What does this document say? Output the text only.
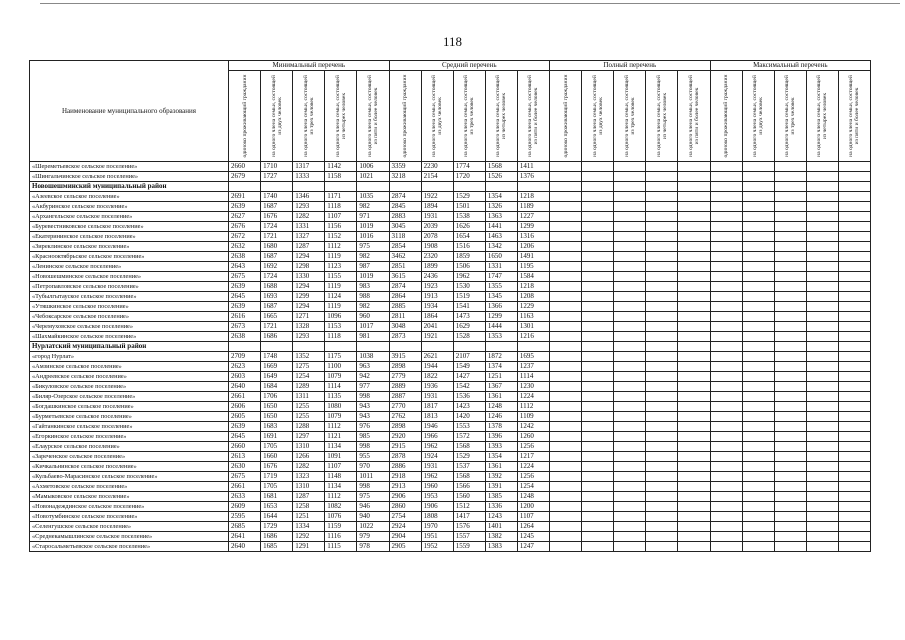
118
Наименование муниципального образования	Минимальный перечень					Средний перечень					Полный перечень					Максимальный перечень				

	одиноко проживающий гражданин	на одного члена семьи, состоящей из двух человек	на одного члена семьи, состоящей из трех человек	на одного члена семьи, состоящей из четырех человек	на одного члена семьи, состоящей из пяти и более человек	одиноко проживающий гражданин	на одного члена семьи, состоящей из двух человек	на одного члена семьи, состоящей из трех человек	на одного члена семьи, состоящей из четырех человек	на одного члена семьи, состоящей из пяти и более человек	одиноко проживающий гражданин	на одного члена семьи, состоящей из двух человек	на одного члена семьи, состоящей из трех человек	на одного члена семьи, состоящей из четырех человек	на одного члена семьи, состоящей из пяти и более человек	одиноко проживающий гражданин	на одного члена семьи, состоящей из двух человек	на одного члена семьи, состоящей из трех человек	на одного члена семьи, состоящей из четырех человек	на одного члена семьи, состоящей из пяти и более человек

«Шереметьевское сельское поселение»	2660	1710	1317	1142	1006	3359	2230	1774	1568	1411										
«Шингальчинское сельское поселение»	2679	1727	1333	1158	1021	3218	2154	1720	1526	1376										
Новошешминский муниципальный район																				
«Азеевское сельское поселение»	2691	1740	1346	1171	1035	2874	1922	1529	1354	1218										
«Акбуринское сельское поселение»	2639	1687	1293	1118	982	2845	1894	1501	1326	1189										
«Архангельское сельское поселение»	2627	1676	1282	1107	971	2883	1931	1538	1363	1227										
«Буревестниковское сельское поселение»	2676	1724	1331	1156	1019	3045	2039	1626	1441	1299										
«Екатерининское сельское поселение»	2672	1721	1327	1152	1016	3118	2078	1654	1463	1316										
«Зиреклинское сельское поселение»	2632	1680	1287	1112	975	2854	1908	1516	1342	1206										
«Краснооктябрьское сельское поселение»	2638	1687	1294	1119	982	3462	2320	1859	1650	1491										
«Ленинское сельское поселение»	2643	1692	1298	1123	987	2851	1899	1506	1331	1195										
«Новошешминское сельское поселение»	2675	1724	1330	1155	1019	3615	2436	1962	1747	1584										
«Петропавловское сельское поселение»	2639	1688	1294	1119	983	2874	1923	1530	1355	1218										
«Тубылгытауское сельское поселение»	2645	1693	1299	1124	988	2864	1913	1519	1345	1208										
«Утяшкинское сельское поселение»	2639	1687	1294	1119	982	2885	1934	1541	1366	1229										
«Чебоксарское сельское поселение»	2616	1665	1271	1096	960	2811	1864	1473	1299	1163										
«Черемуховское сельское поселение»	2673	1721	1328	1153	1017	3048	2041	1629	1444	1301										
«Шахмайкинское сельское поселение»	2638	1686	1293	1118	981	2873	1921	1528	1353	1216										
Нурлатский муниципальный район																				
«город Нурлат»	2709	1748	1352	1175	1038	3915	2621	2107	1872	1695										
«Амзинское сельское поселение»	2623	1669	1275	1100	963	2898	1944	1549	1374	1237										
«Андреевское сельское поселение»	2603	1649	1254	1079	942	2779	1822	1427	1251	1114										
«Бикуловское сельское поселение»	2640	1684	1289	1114	977	2889	1936	1542	1367	1230										
«Биляр-Озерское сельское поселение»	2661	1706	1311	1135	998	2887	1931	1536	1361	1224										
«Богдашкинское сельское поселение»	2606	1650	1255	1080	943	2770	1817	1423	1248	1112										
«Бурметьевское сельское поселение»	2605	1650	1255	1079	943	2762	1813	1420	1246	1109										
«Гайтанкинское сельское поселение»	2639	1683	1288	1112	976	2898	1946	1553	1378	1242										
«Егоркинское сельское поселение»	2645	1691	1297	1121	985	2920	1966	1572	1396	1260										
«Елаурское сельское поселение»	2660	1705	1310	1134	998	2915	1962	1568	1393	1256										
«Зареченское сельское поселение»	2613	1660	1266	1091	955	2878	1924	1529	1354	1217										
«Кичкальнинское сельское поселение»	2630	1676	1282	1107	970	2886	1931	1537	1361	1224										
«Кульбаево-Марасинское сельское поселение»	2675	1719	1323	1148	1011	2918	1962	1568	1392	1256										
«Ахметовское сельское поселение»	2661	1705	1310	1134	998	2913	1960	1566	1391	1254										
«Мамыковское сельское поселение»	2633	1681	1287	1112	975	2906	1953	1560	1385	1248										
«Новонадеждинское сельское поселение»	2609	1653	1258	1082	946	2860	1906	1512	1336	1200										
«Новотумбинское сельское поселение»	2595	1644	1251	1076	940	2754	1808	1417	1243	1107										
«Селенгушское сельское поселение»	2685	1729	1334	1159	1022	2924	1970	1576	1401	1264										
«Среднекамышлинское сельское поселение»	2641	1686	1292	1116	979	2904	1951	1557	1382	1245										
«Старосальметьевское сельское поселение»	2640	1685	1291	1115	978	2905	1952	1559	1383	1247										
